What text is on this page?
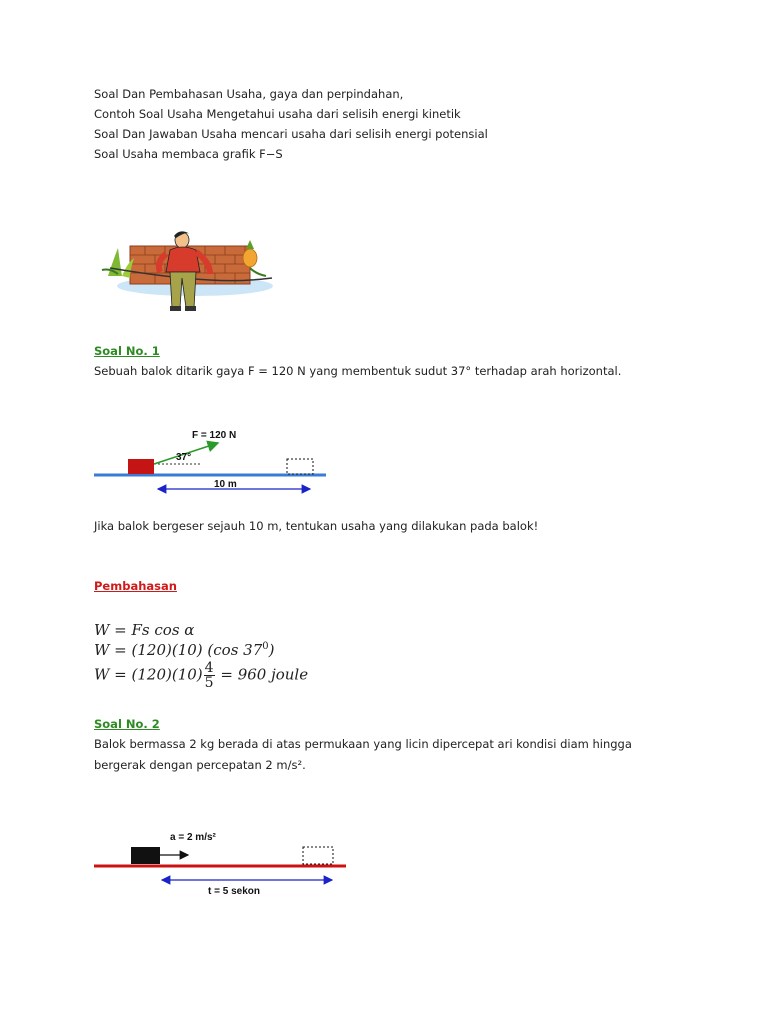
Soal Dan Pembahasan Usaha, gaya dan perpindahan,
Contoh Soal Usaha Mengetahui usaha dari selisih energi kinetik
Soal Dan Jawaban Usaha mencari usaha dari selisih energi potensial
Soal Usaha membaca grafik F−S
Soal No. 1
Sebuah balok ditarik gaya F = 120 N yang membentuk sudut 37° terhadap arah horizontal.
F = 120 N
37°
10 m
Jika balok bergeser sejauh 10 m, tentukan usaha yang dilakukan pada balok!
Pembahasan
W = Fs cos α
W = (120)(10) (cos $37^0$)
$W = (120)(10) \frac{4}{5} = 960$ joule
Soal No. 2
Balok bermassa 2 kg berada di atas permukaan yang licin dipercepat ari kondisi diam hingga
bergerak dengan percepatan 2 m/s².
a = 2 m/s²
t = 5 sekon
